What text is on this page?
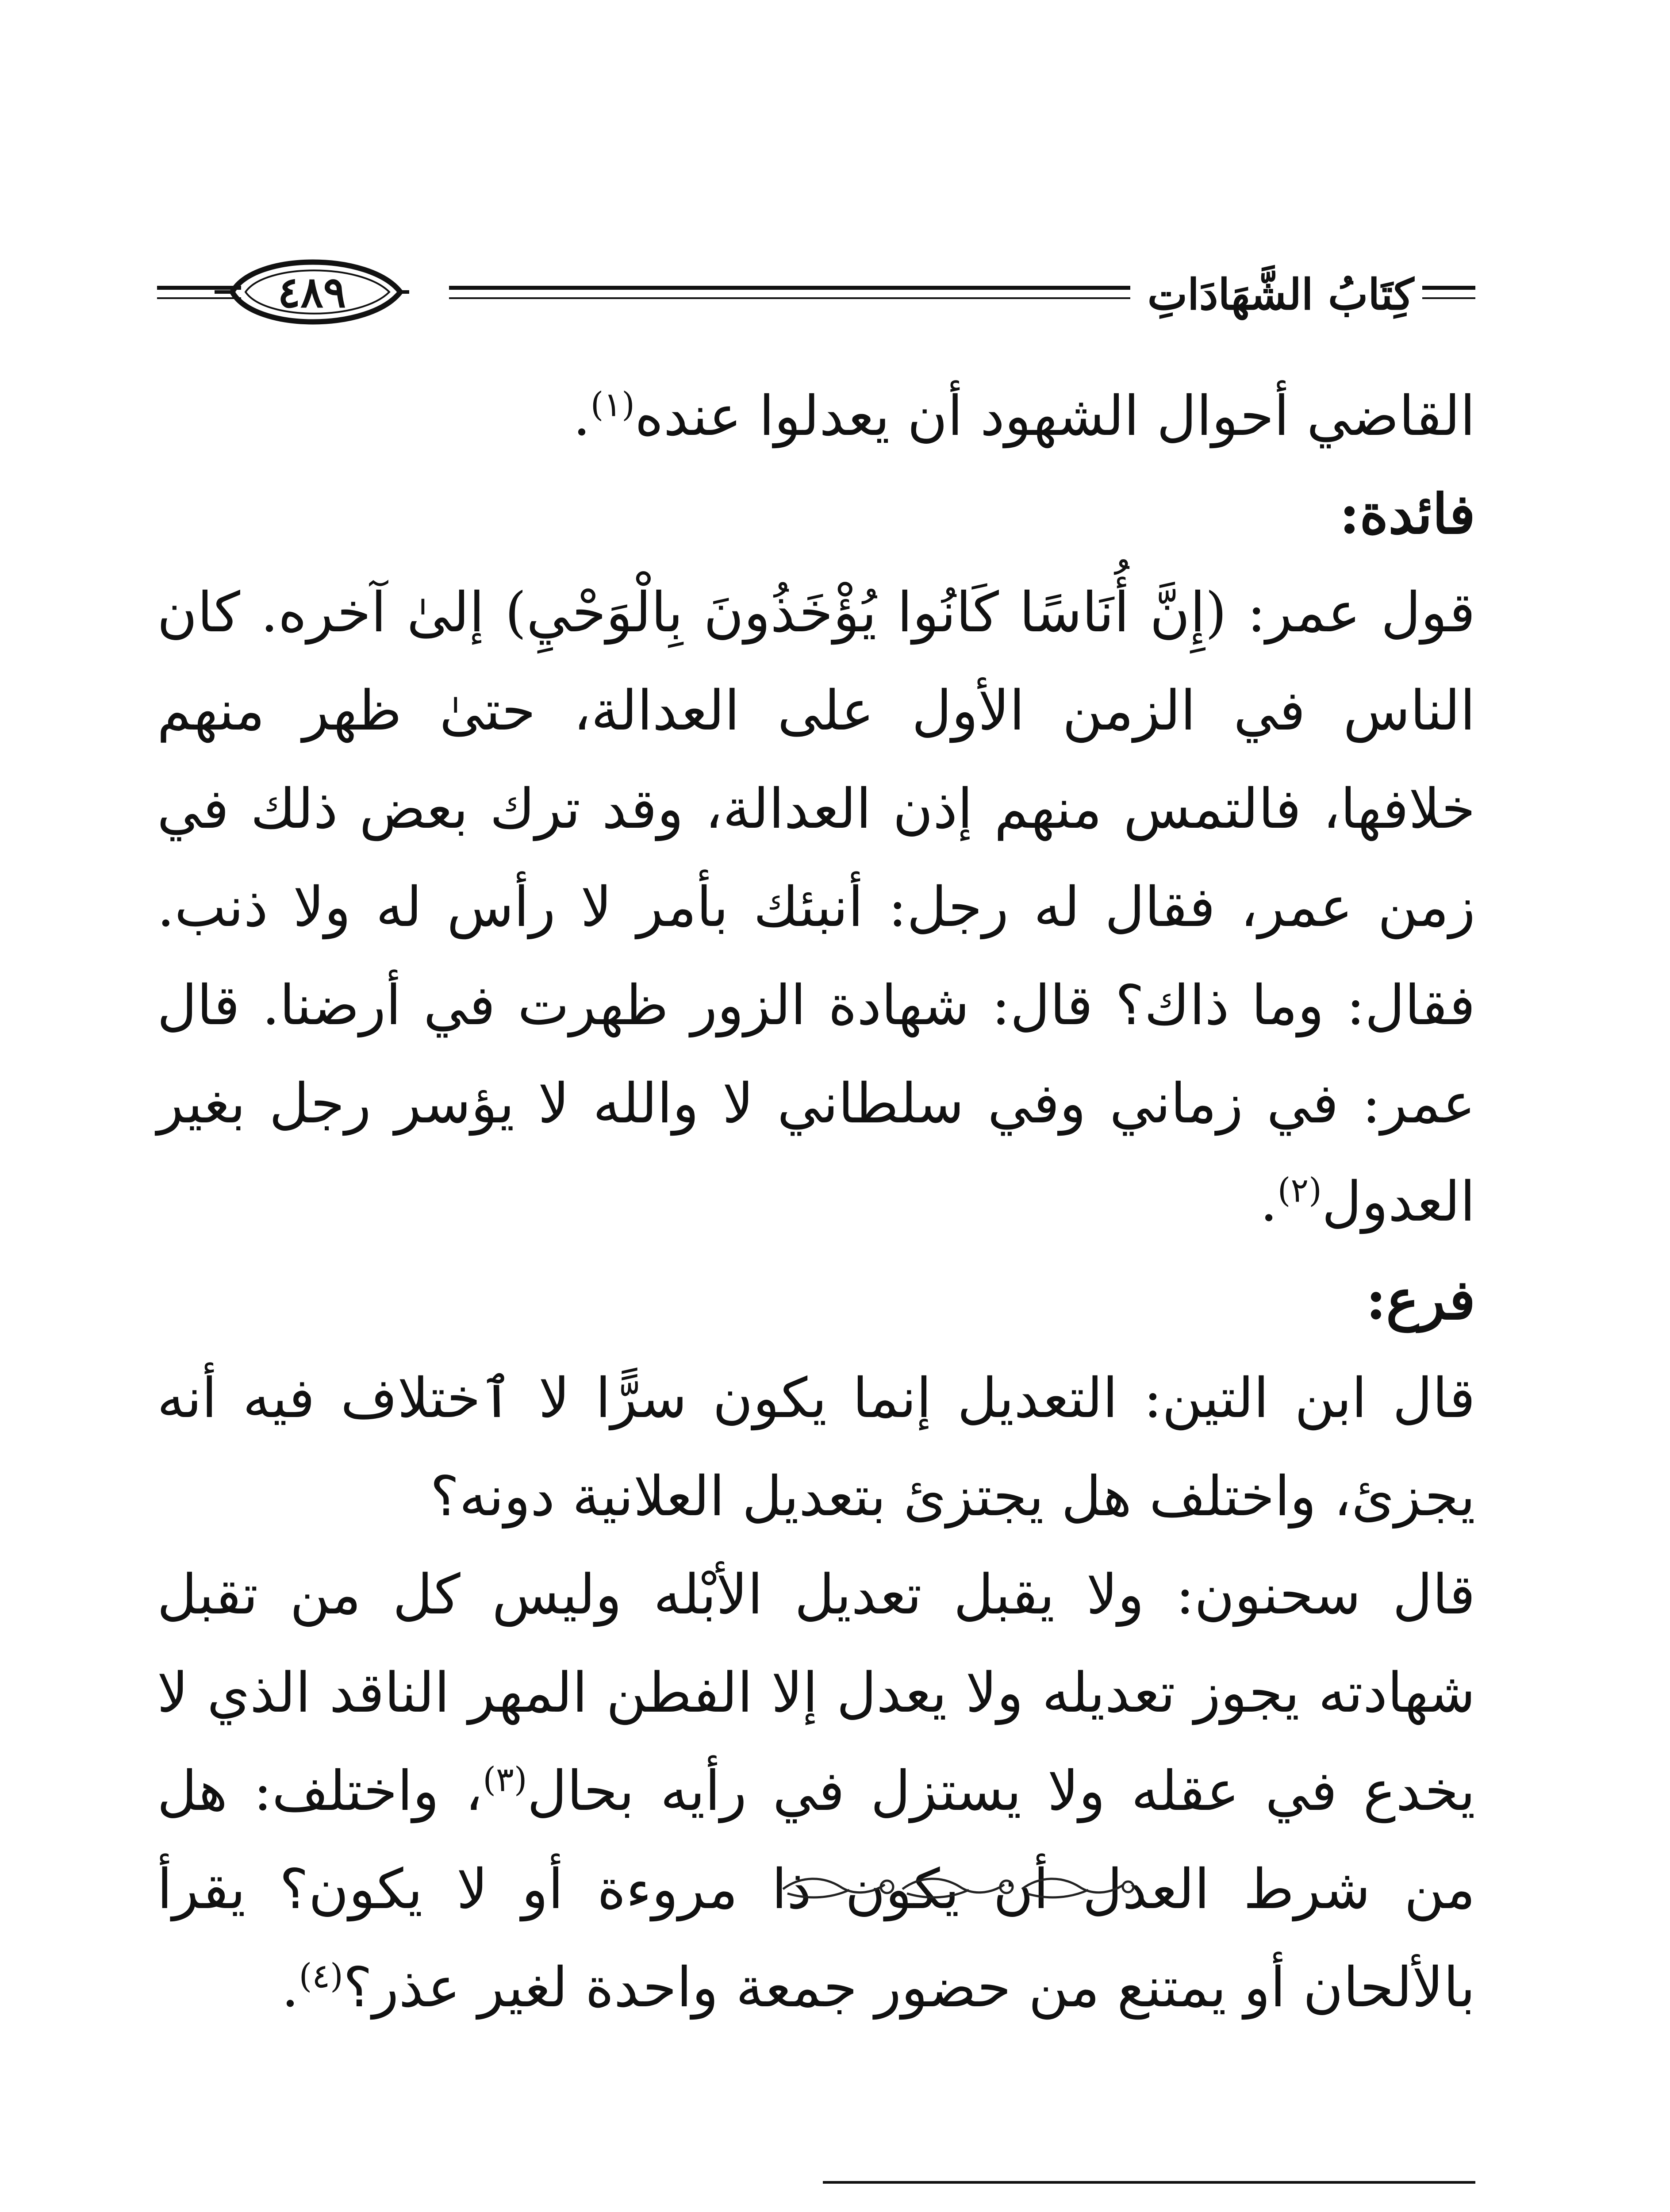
٤٨٩	كِتَابُ الشَّهَادَاتِ

القاضي أحوال الشهود أن يعدلوا عنده$^{(١)}$.

فائدة:

قول عمر: (إِنَّ أُنَاسًا كَانُوا يُؤْخَذُونَ بِالْوَحْيِ) إلىٰ آخره. كان الناس في الزمن الأول على العدالة، حتىٰ ظهر منهم خلافها، فالتمس منهم إذن العدالة، وقد ترك بعض ذلك في زمن عمر، فقال له رجل: أنبئك بأمر لا رأس له ولا ذنب. فقال: وما ذاك؟ قال: شهادة الزور ظهرت في أرضنا. قال عمر: في زماني وفي سلطاني لا والله لا يؤسر رجل بغير العدول$^{(٢)}$.

فرع:

قال ابن التين: التعديل إنما يكون سرًّا لا ٱختلاف فيه أنه يجزئ، واختلف هل يجتزئ بتعديل العلانية دونه؟

قال سحنون: ولا يقبل تعديل الأبْله وليس كل من تقبل شهادته يجوز تعديله ولا يعدل إلا الفطن المهر الناقد الذي لا يخدع في عقله ولا يستزل في رأيه بحال$^{(٣)}$، واختلف: هل من شرط العدل أن يكون ذا مروءة أو لا يكون؟ يقرأ بالألحان أو يمتنع من حضور جمعة واحدة لغير عذر؟$^{(٤)}$.
